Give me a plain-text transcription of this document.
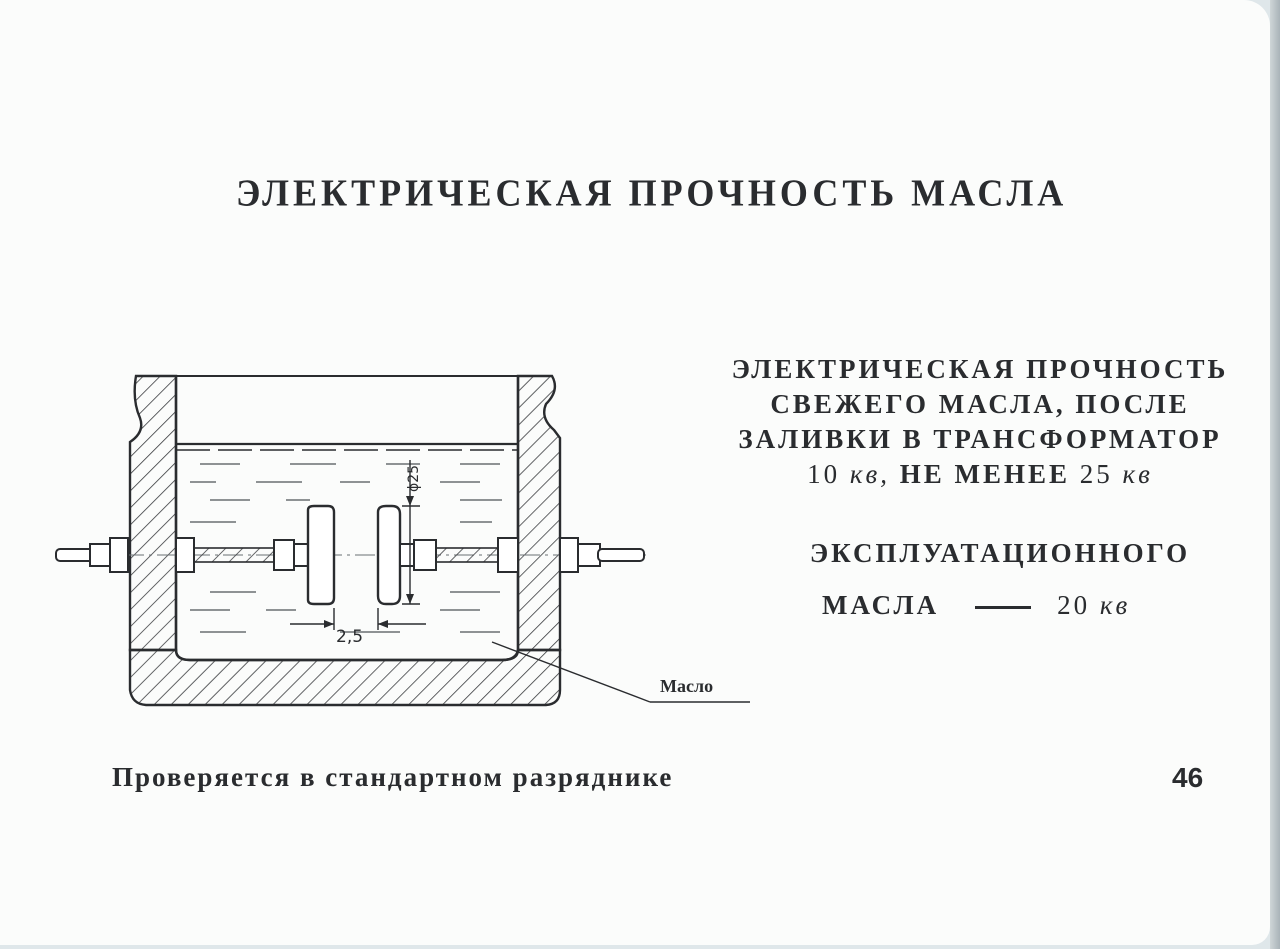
ЭЛЕКТРИЧЕСКАЯ ПРОЧНОСТЬ МАСЛА
ЭЛЕКТРИЧЕСКАЯ ПРОЧНОСТЬ
СВЕЖЕГО МАСЛА, ПОСЛЕ
ЗАЛИВКИ В ТРАНСФОРМАТОР
10 кв, НЕ МЕНЕЕ 25 кв
ЭКСПЛУАТАЦИОННОГО
МАСЛА	20 кв
ϕ25
2,5
Масло
Проверяется в стандартном разряднике	46
